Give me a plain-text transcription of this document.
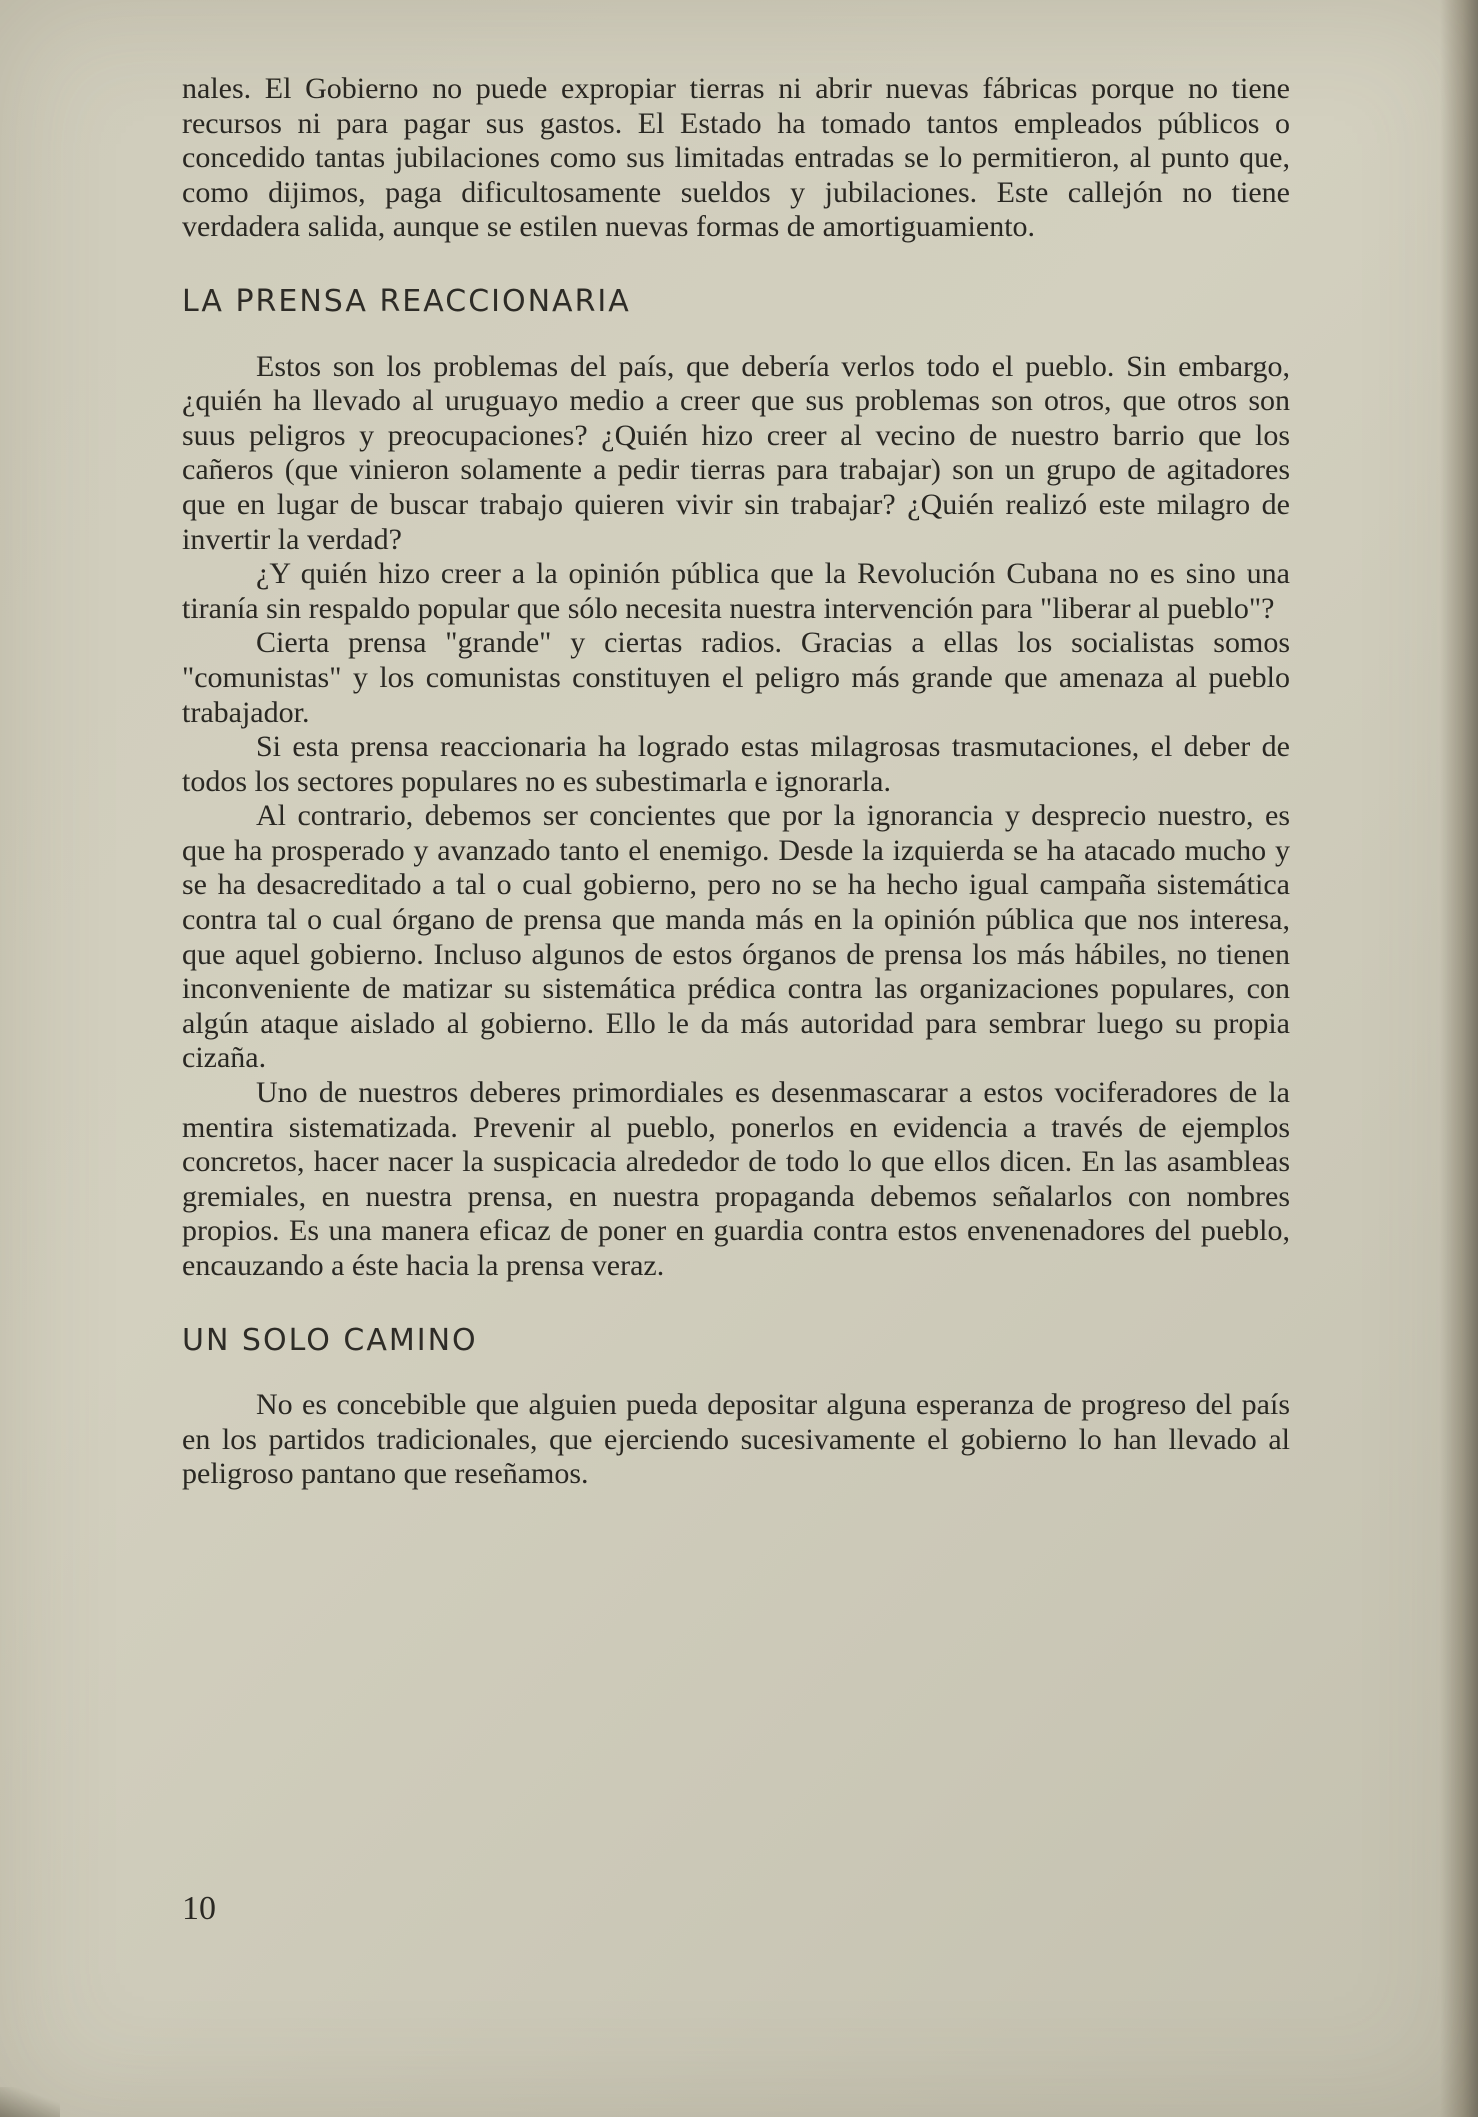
nales. El Gobierno no puede expropiar tierras ni abrir nuevas fábricas porque no tiene recursos ni para pagar sus gastos. El Estado ha tomado tantos empleados públicos o concedido tantas jubilaciones como sus limitadas entradas se lo permitieron, al punto que, como dijimos, paga dificultosamente sueldos y jubilaciones. Este callejón no tiene verdadera salida, aunque se estilen nuevas formas de amortiguamiento.

LA PRENSA REACCIONARIA

Estos son los problemas del país, que debería verlos todo el pueblo. Sin embargo, ¿quién ha llevado al uruguayo medio a creer que sus problemas son otros, que otros son suus peligros y preocupaciones? ¿Quién hizo creer al vecino de nuestro barrio que los cañeros (que vinieron solamente a pedir tierras para trabajar) son un grupo de agitadores que en lugar de buscar trabajo quieren vivir sin trabajar? ¿Quién realizó este milagro de invertir la verdad?

¿Y quién hizo creer a la opinión pública que la Revolución Cubana no es sino una tiranía sin respaldo popular que sólo necesita nuestra intervención para "liberar al pueblo"?

Cierta prensa "grande" y ciertas radios. Gracias a ellas los socialistas somos "comunistas" y los comunistas constituyen el peligro más grande que amenaza al pueblo trabajador.

Si esta prensa reaccionaria ha logrado estas milagrosas trasmutaciones, el deber de todos los sectores populares no es subestimarla e ignorarla.

Al contrario, debemos ser concientes que por la ignorancia y desprecio nuestro, es que ha prosperado y avanzado tanto el enemigo. Desde la izquierda se ha atacado mucho y se ha desacreditado a tal o cual gobierno, pero no se ha hecho igual campaña sistemática contra tal o cual órgano de prensa que manda más en la opinión pública que nos interesa, que aquel gobierno. Incluso algunos de estos órganos de prensa los más hábiles, no tienen inconveniente de matizar su sistemática prédica contra las organizaciones populares, con algún ataque aislado al gobierno. Ello le da más autoridad para sembrar luego su propia cizaña.

Uno de nuestros deberes primordiales es desenmascarar a estos vociferadores de la mentira sistematizada. Prevenir al pueblo, ponerlos en evidencia a través de ejemplos concretos, hacer nacer la suspicacia alrededor de todo lo que ellos dicen. En las asambleas gremiales, en nuestra prensa, en nuestra propaganda debemos señalarlos con nombres propios. Es una manera eficaz de poner en guardia contra estos envenenadores del pueblo, encauzando a éste hacia la prensa veraz.

UN SOLO CAMINO

No es concebible que alguien pueda depositar alguna esperanza de progreso del país en los partidos tradicionales, que ejerciendo sucesivamente el gobierno lo han llevado al peligroso pantano que reseñamos.

10
